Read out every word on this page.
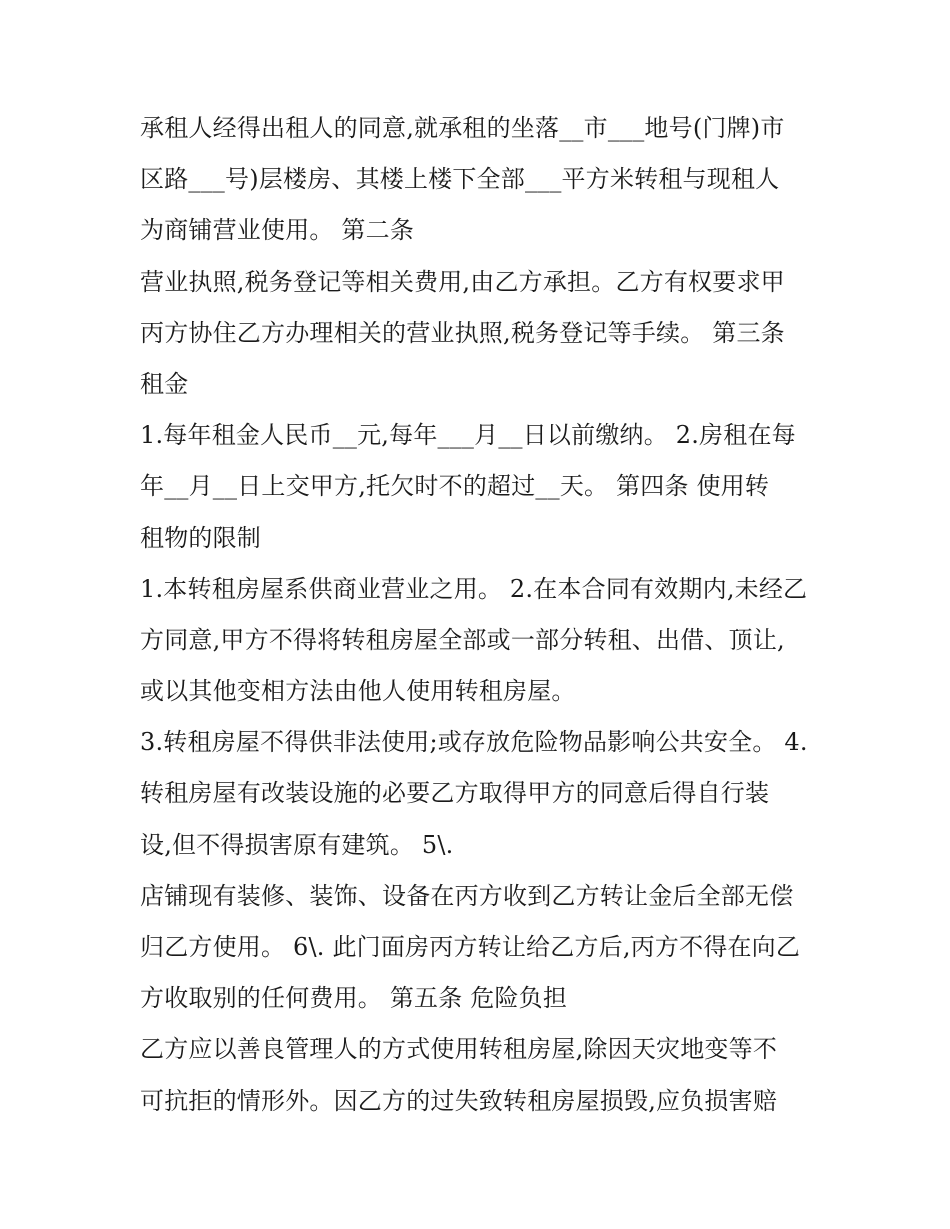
承租人经得出租人的同意,就承租的坐落__市___地号(门牌)市
区路___号)层楼房、其楼上楼下全部___平方米转租与现租人
为商铺营业使用。 第二条
营业执照,税务登记等相关费用,由乙方承担。乙方有权要求甲
丙方协住乙方办理相关的营业执照,税务登记等手续。 第三条
租金
1.每年租金人民币__元,每年___月__日以前缴纳。 2.房租在每
年__月__日上交甲方,托欠时不的超过__天。 第四条 使用转
租物的限制
1.本转租房屋系供商业营业之用。 2.在本合同有效期内,未经乙
方同意,甲方不得将转租房屋全部或一部分转租、出借、顶让,
或以其他变相方法由他人使用转租房屋。
3.转租房屋不得供非法使用;或存放危险物品影响公共安全。 4.
转租房屋有改装设施的必要乙方取得甲方的同意后得自行装
设,但不得损害原有建筑。 5\.
店铺现有装修、装饰、设备在丙方收到乙方转让金后全部无偿
归乙方使用。 6\. 此门面房丙方转让给乙方后,丙方不得在向乙
方收取别的任何费用。 第五条 危险负担
乙方应以善良管理人的方式使用转租房屋,除因天灾地变等不
可抗拒的情形外。因乙方的过失致转租房屋损毁,应负损害赔
